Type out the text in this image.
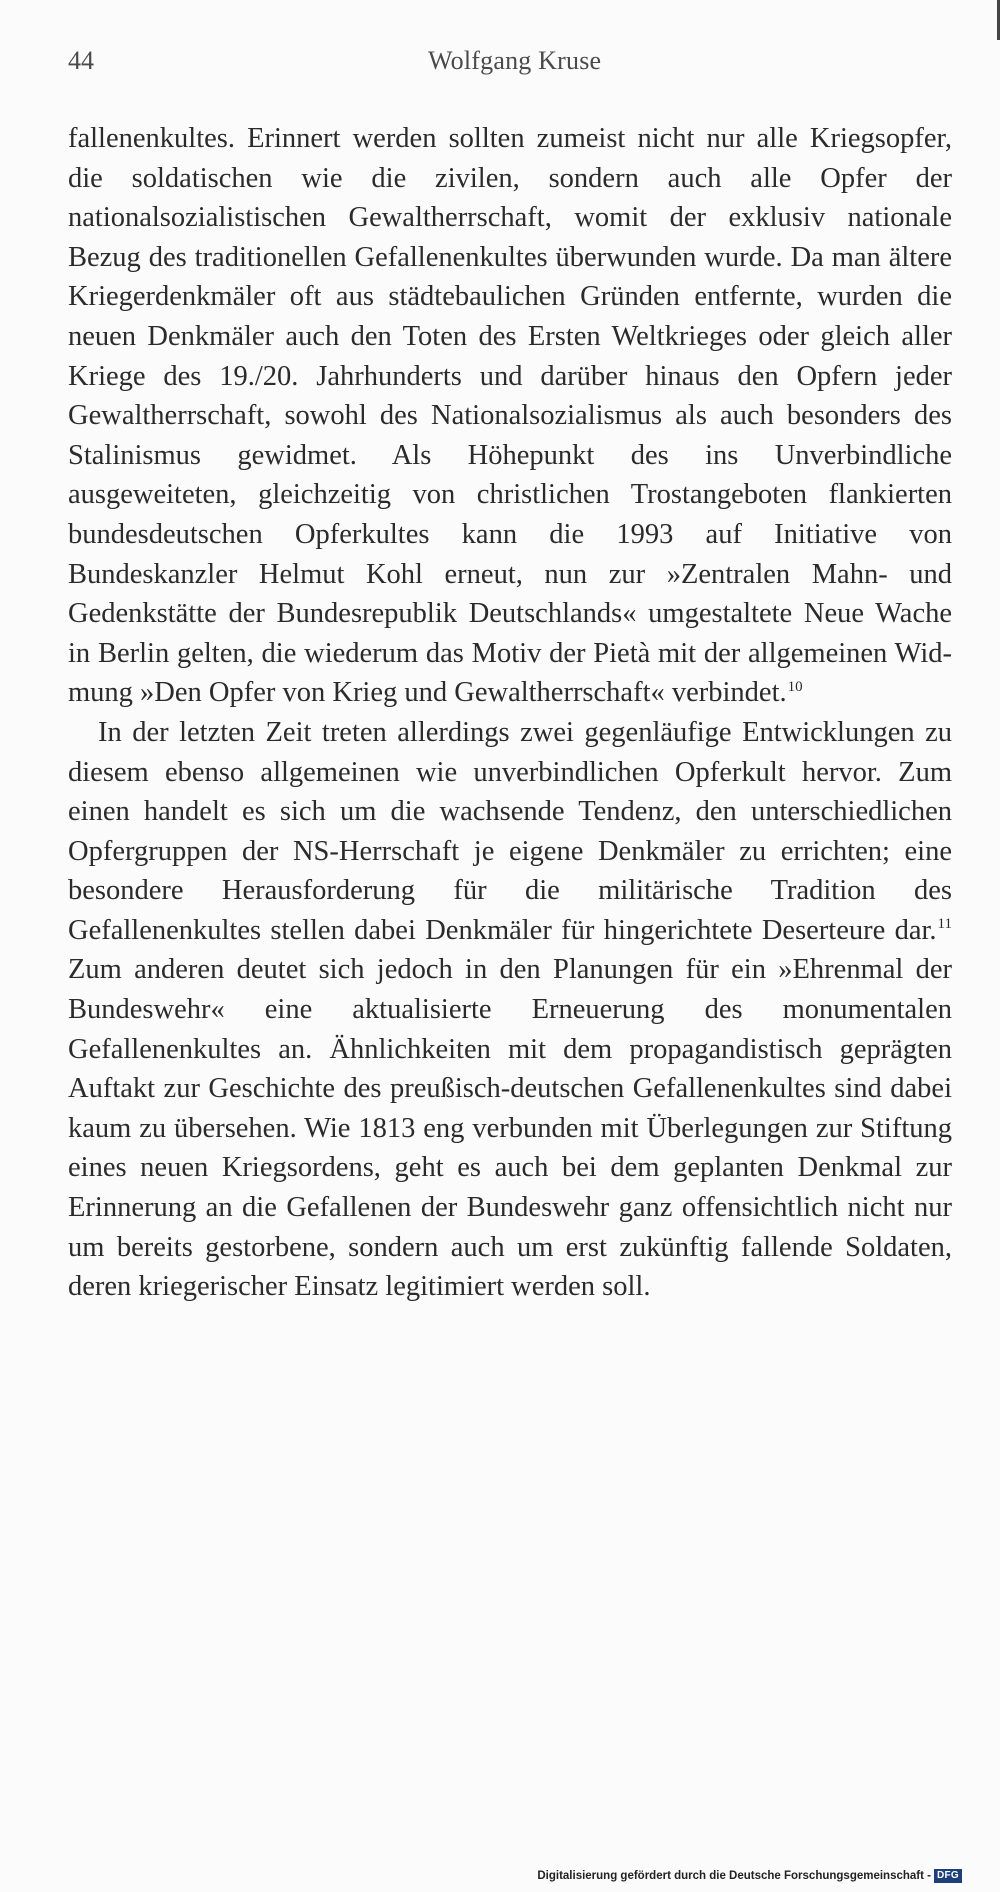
44	Wolfgang Kruse

fallenenkultes. Erinnert werden sollten zumeist nicht nur alle Kriegsopfer, die soldatischen wie die zivilen, sondern auch alle Opfer der nationalsozialistischen Gewaltherrschaft, womit der exklusiv nationale Bezug des traditionellen Gefallenenkultes überwunden wurde. Da man ältere Kriegerdenkmäler oft aus städtebaulichen Gründen entfernte, wurden die neuen Denkmäler auch den Toten des Ersten Weltkrieges oder gleich aller Kriege des 19./20. Jahrhunderts und darüber hinaus den Opfern jeder Gewaltherrschaft, sowohl des Nationalsozialismus als auch besonders des Stalinismus gewidmet. Als Höhepunkt des ins Unverbindliche ausgeweiteten, gleichzeitig von christlichen Trostangeboten flankierten bundesdeutschen Opferkultes kann die 1993 auf Initiative von Bundeskanzler Helmut Kohl erneut, nun zur »Zentralen Mahn- und Gedenkstätte der Bundesrepublik Deutschlands« umgestaltete Neue Wache in Berlin gelten, die wiederum das Motiv der Pietà mit der allgemeinen Widmung »Den Opfer von Krieg und Gewaltherrschaft« verbindet.$^{10}$

In der letzten Zeit treten allerdings zwei gegenläufige Entwicklungen zu diesem ebenso allgemeinen wie unverbindlichen Opferkult hervor. Zum einen handelt es sich um die wachsende Tendenz, den unterschiedlichen Opfergruppen der NS-Herrschaft je eigene Denkmäler zu errichten; eine besondere Herausforderung für die militärische Tradition des Gefallenenkultes stellen dabei Denkmäler für hingerichtete Deserteure dar.$^{11}$ Zum anderen deutet sich jedoch in den Planungen für ein »Ehrenmal der Bundeswehr« eine aktualisierte Erneuerung des monumentalen Gefallenenkultes an. Ähnlichkeiten mit dem propagandistisch geprägten Auftakt zur Geschichte des preußisch-deutschen Gefallenenkultes sind dabei kaum zu übersehen. Wie 1813 eng verbunden mit Überlegungen zur Stiftung eines neuen Kriegsordens, geht es auch bei dem geplanten Denkmal zur Erinnerung an die Gefallenen der Bundeswehr ganz offensichtlich nicht nur um bereits gestorbene, sondern auch um erst zukünftig fallende Soldaten, deren kriegerischer Einsatz legitimiert werden soll.

Digitalisierung gefördert durch die Deutsche Forschungsgemeinschaft - DFG
